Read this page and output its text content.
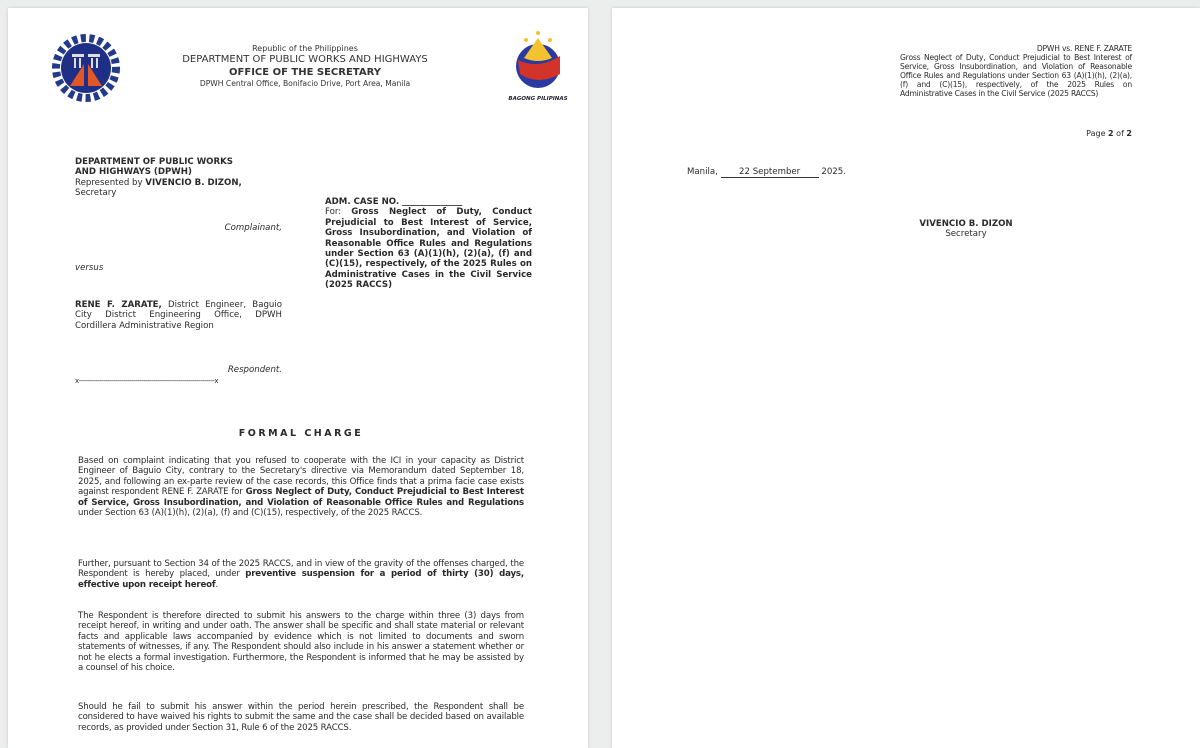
Republic of the Philippines
DEPARTMENT OF PUBLIC WORKS AND HIGHWAYS
OFFICE OF THE SECRETARY
DPWH Central Office, Bonifacio Drive, Port Area, Manila
BAGONG PILIPINAS
DEPARTMENT OF PUBLIC WORKS
AND HIGHWAYS (DPWH)
Represented by VIVENCIO B. DIZON,
Secretary
Complainant,
ADM. CASE NO. ______________
For: Gross Neglect of Duty, Conduct Prejudicial to Best Interest of Service, Gross Insubordination, and Violation of Reasonable Office Rules and Regulations under Section 63 (A)(1)(h), (2)(a), (f) and (C)(15), respectively, of the 2025 Rules on Administrative Cases in the Civil Service (2025 RACCS)
versus
RENE F. ZARATE, District Engineer, Baguio City District Engineering Office, DPWH Cordillera Administrative Region
Respondent.
x-------------------------------------------------------------------x
FORMAL CHARGE
Based on complaint indicating that you refused to cooperate with the ICI in your capacity as District Engineer of Baguio City, contrary to the Secretary's directive via Memorandum dated September 18, 2025, and following an ex-parte review of the case records, this Office finds that a prima facie case exists against respondent RENE F. ZARATE for Gross Neglect of Duty, Conduct Prejudicial to Best Interest of Service, Gross Insubordination, and Violation of Reasonable Office Rules and Regulations under Section 63 (A)(1)(h), (2)(a), (f) and (C)(15), respectively, of the 2025 RACCS.
Further, pursuant to Section 34 of the 2025 RACCS, and in view of the gravity of the offenses charged, the Respondent is hereby placed, under preventive suspension for a period of thirty (30) days, effective upon receipt hereof.
The Respondent is therefore directed to submit his answers to the charge within three (3) days from receipt hereof, in writing and under oath. The answer shall be specific and shall state material or relevant facts and applicable laws accompanied by evidence which is not limited to documents and sworn statements of witnesses, if any. The Respondent should also include in his answer a statement whether or not he elects a formal investigation. Furthermore, the Respondent is informed that he may be assisted by a counsel of his choice.
Should he fail to submit his answer within the period herein prescribed, the Respondent shall be considered to have waived his rights to submit the same and the case shall be decided based on available records, as provided under Section 31, Rule 6 of the 2025 RACCS.
DPWH vs. RENE F. ZARATE
Gross Neglect of Duty, Conduct Prejudicial to Best Interest of Service, Gross Insubordination, and Violation of Reasonable Office Rules and Regulations under Section 63 (A)(1)(h), (2)(a), (f) and (C)(15), respectively, of the 2025 Rules on Administrative Cases in the Civil Service (2025 RACCS)
Page 2 of 2
Manila, 22 September 2025.
VIVENCIO B. DIZON
Secretary
